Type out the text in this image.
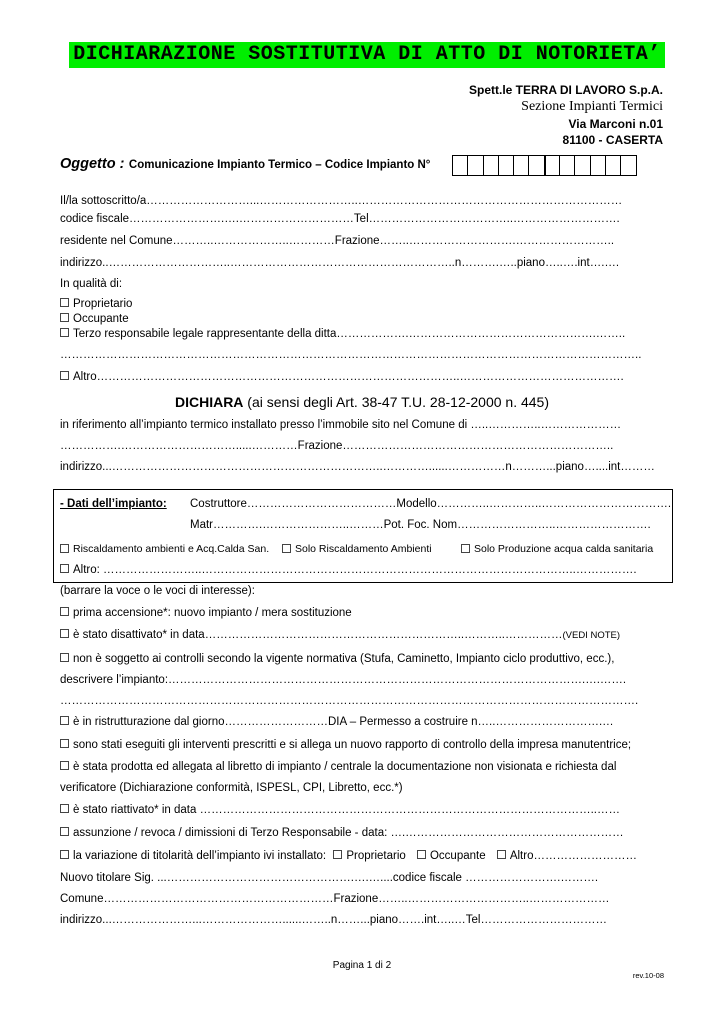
DICHIARAZIONE SOSTITUTIVA DI ATTO DI NOTORIETA’
Spett.le TERRA DI LAVORO S.p.A.
Sezione Impianti Termici
Via Marconi n.01
81100 - CASERTA
Oggetto : Comunicazione Impianto Termico – Codice Impianto N°
Il/la sottoscritto/a………………………...……………………..……………………………………………………………
codice fiscale…………………….….…………………………Tel………………………………..……………………….
residente nel Comune………..………………..…………Frazione……..……………………….……………………..
indirizzo..…………………………..…………………………………………………..n……….…..piano…..….int….….
In qualità di:
Proprietario
Occupante
Terzo responsabile legale rappresentante della ditta……………….………………………………………….……..
……………………………………………………………………………………………………………………………………..
Altro…………………………………………………………………………………..…………………………………….
DICHIARA (ai sensi degli Art. 38-47 T.U. 28-12-2000 n. 445)
in riferimento all’impianto termico installato presso l’immobile sito nel Comune di …..…………..…………………
…………….………………………….....…………Frazione……………………………………………………………..
indirizzo...……………………………………………………………..…………......……………n………...piano…....int………
- Dati dell’impianto: Costruttore…………………………………Modello…………..…………..…………………………….
Matr………….…………………..………Pot. Foc. Nom……………………..…………………….
Riscaldamento ambienti e Acq.Calda San.	Solo Riscaldamento Ambienti	Solo Produzione acqua calda sanitaria
Altro: ……………………..……………………………………………………………………………………..…………….
(barrare la voce o le voci di interesse):
prima accensione*: nuovo impianto / mera sostituzione
è stato disattivato* in data…………………………………………………………..………..……………(VEDI NOTE)
non è soggetto ai controlli secondo la vigente normativa (Stufa, Caminetto, Impianto ciclo produttivo, ecc.),
descrivere l’impianto:……………………………………………………………………………………………….….…….
…………………………………………………………………………………………………………………………………….
è in ristrutturazione dal giorno………………………DIA – Permesso a costruire n…..……………………….…
sono stati eseguiti gli interventi prescritti e si allega un nuovo rapporto di controllo della impresa manutentrice;
è stata prodotta ed allegata al libretto di impianto / centrale la documentazione non visionata e richiesta dal
verificatore (Dichiarazione conformità, ISPESL, CPI, Libretto, ecc.*)
è stato riattivato* in data …………………………………………………………………………………………..……
assunzione / revoca / dimissioni di Terzo Responsabile - data: ….…………………………………………………
la variazione di titolarità dell’impianto ivi installato: Proprietario Occupante Altro………………………
Nuovo titolare Sig. ...………………………………………….….…....codice fiscale …………………….……….
Comune……………………………………………………Frazione……..…………………………..…………………
indirizzo...…………………...…………………......……..n……...piano…….int…..…Tel……………………………
Pagina 1 di 2
rev.10-08
